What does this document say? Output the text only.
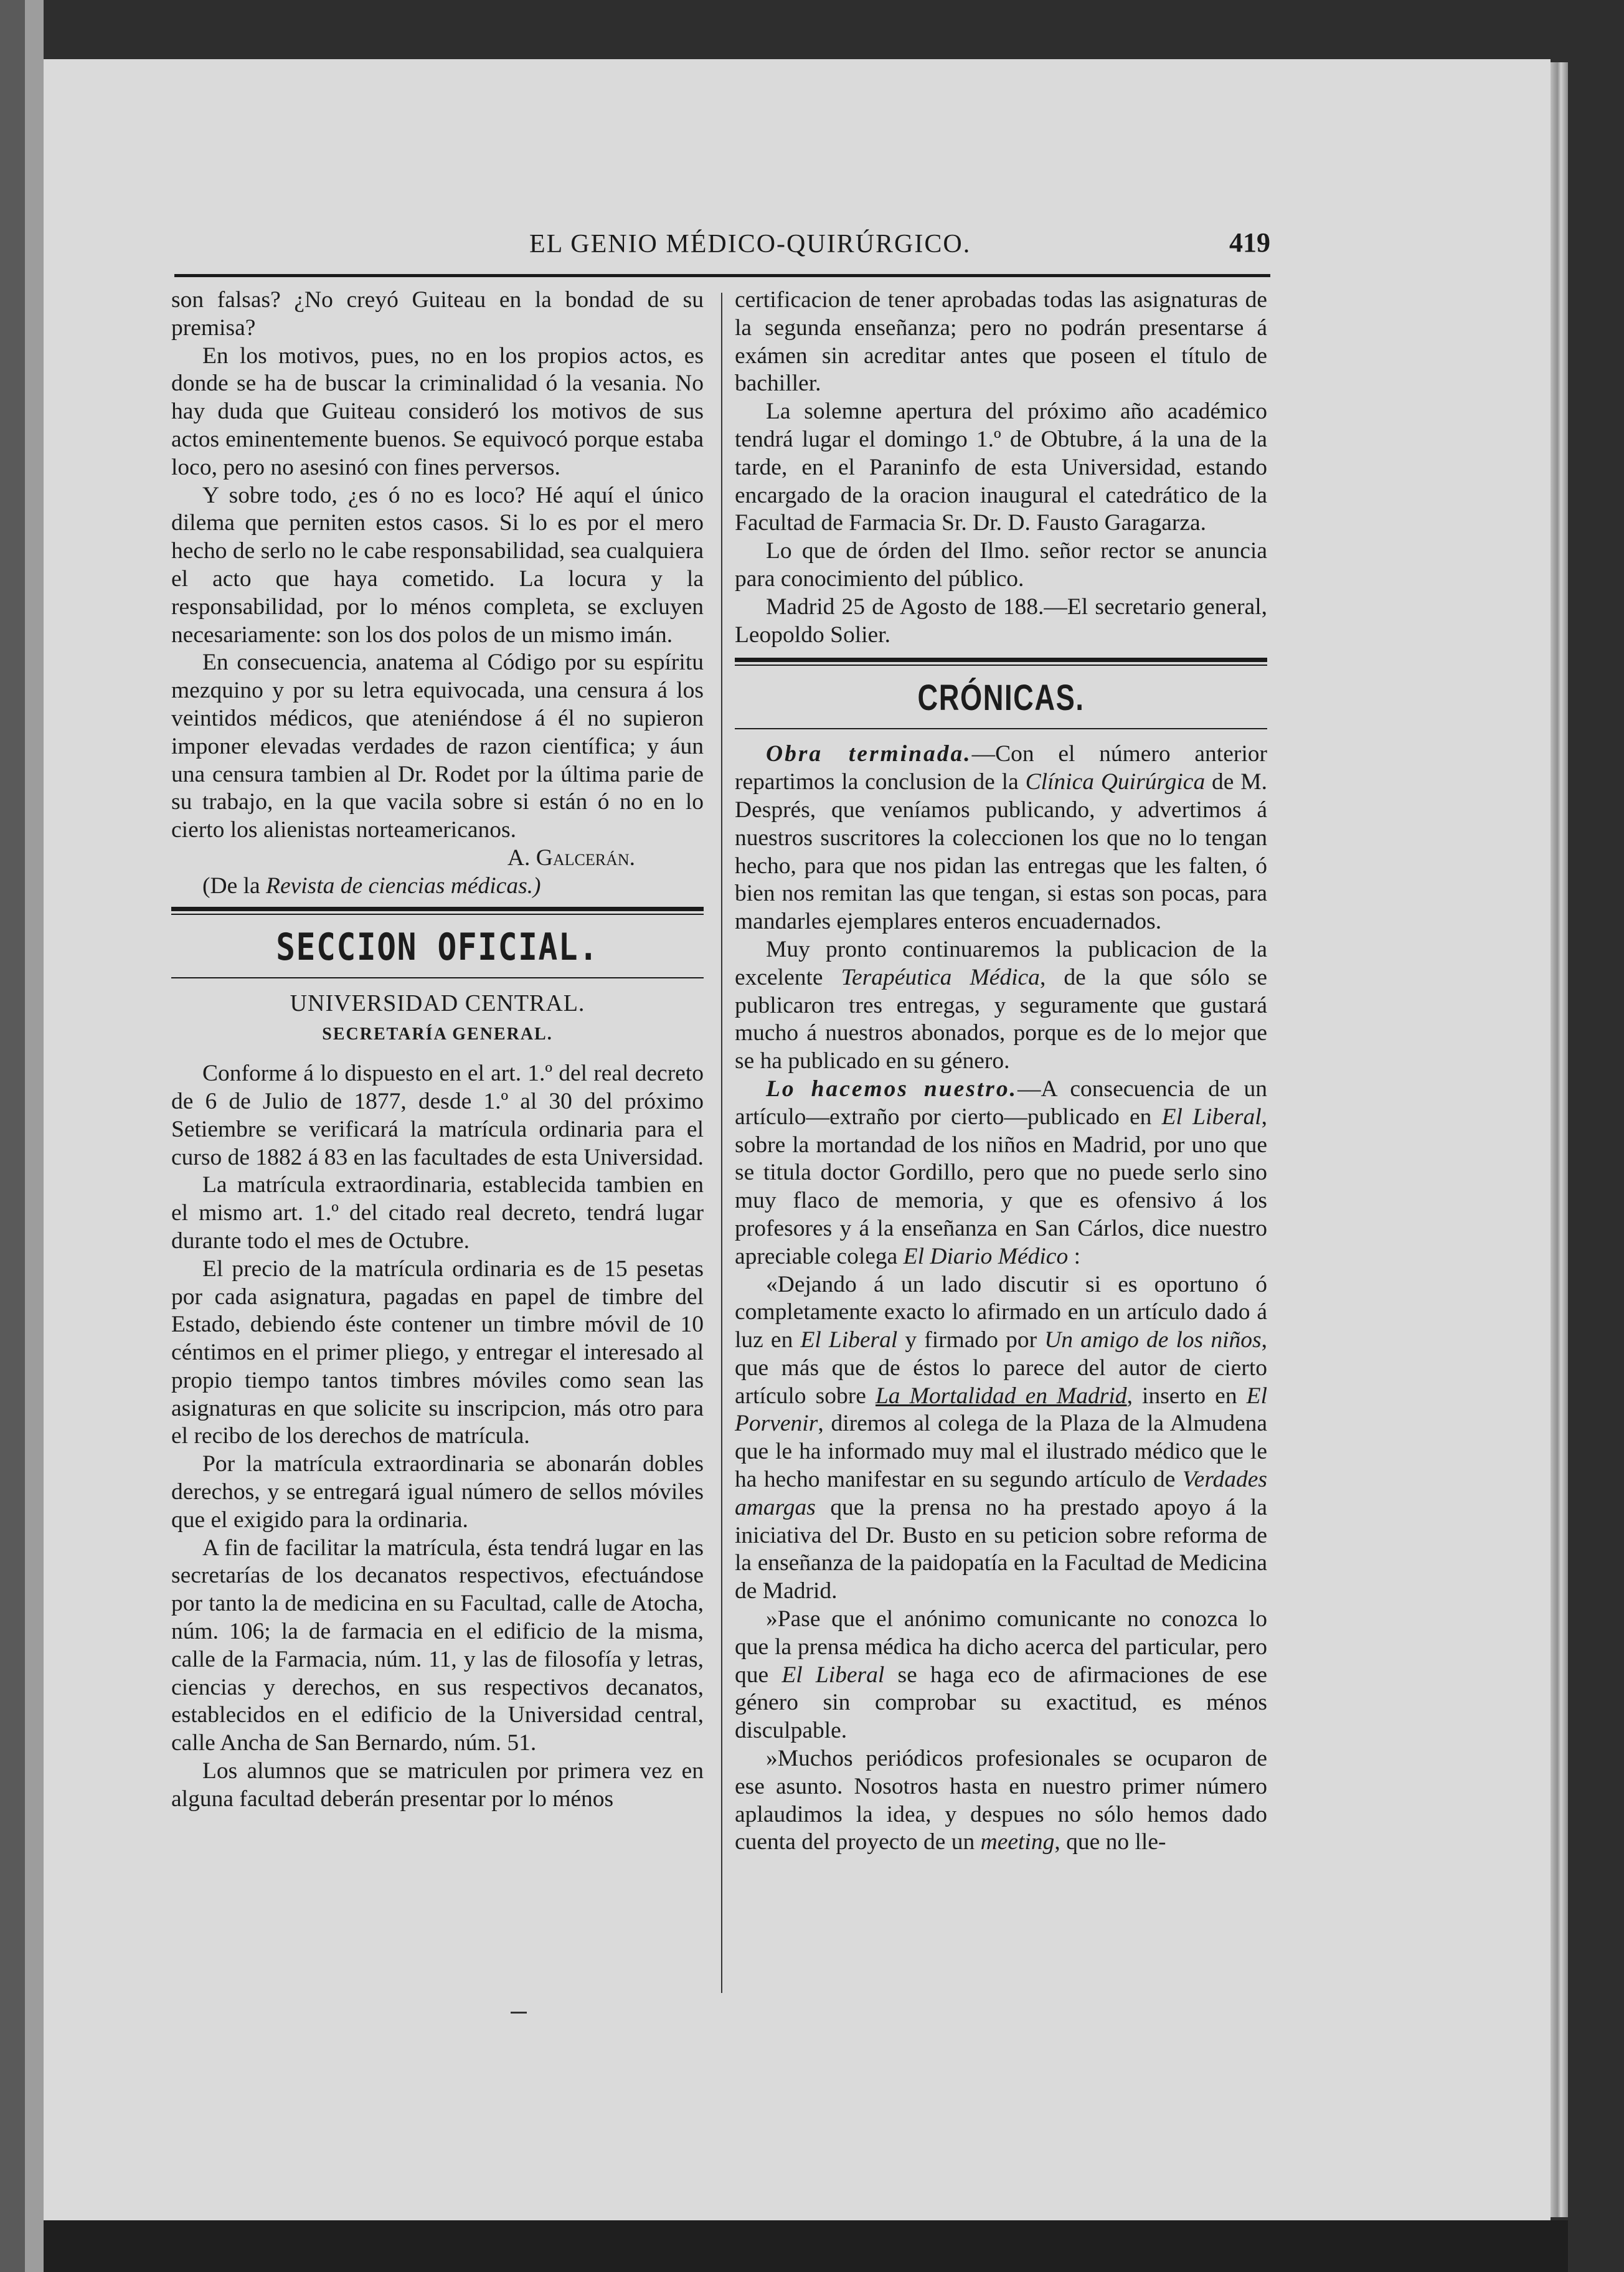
EL GENIO MÉDICO-QUIRÚRGICO.	419

son falsas? ¿No creyó Guiteau en la bondad de su premisa?

En los motivos, pues, no en los propios actos, es donde se ha de buscar la criminalidad ó la vesania. No hay duda que Guiteau consideró los motivos de sus actos eminentemente buenos. Se equivocó porque estaba loco, pero no asesinó con fines perversos.

Y sobre todo, ¿es ó no es loco? Hé aquí el único dilema que perniten estos casos. Si lo es por el mero hecho de serlo no le cabe responsabilidad, sea cualquiera el acto que haya cometido. La locura y la responsabilidad, por lo ménos completa, se excluyen necesariamente: son los dos polos de un mismo imán.

En consecuencia, anatema al Código por su espíritu mezquino y por su letra equivocada, una censura á los veintidos médicos, que ateniéndose á él no supieron imponer elevadas verdades de razon científica; y áun una censura tambien al Dr. Rodet por la última parie de su trabajo, en la que vacila sobre si están ó no en lo cierto los alienistas norteamericanos.

A. Galcerán.

(De la Revista de ciencias médicas.)

SECCION OFICIAL.
UNIVERSIDAD CENTRAL.
SECRETARÍA GENERAL.

Conforme á lo dispuesto en el art. 1.º del real decreto de 6 de Julio de 1877, desde 1.º al 30 del próximo Setiembre se verificará la matrícula ordinaria para el curso de 1882 á 83 en las facultades de esta Universidad.

La matrícula extraordinaria, establecida tambien en el mismo art. 1.º del citado real decreto, tendrá lugar durante todo el mes de Octubre.

El precio de la matrícula ordinaria es de 15 pesetas por cada asignatura, pagadas en papel de timbre del Estado, debiendo éste contener un timbre móvil de 10 céntimos en el primer pliego, y entregar el interesado al propio tiempo tantos timbres móviles como sean las asignaturas en que solicite su inscripcion, más otro para el recibo de los derechos de matrícula.

Por la matrícula extraordinaria se abonarán dobles derechos, y se entregará igual número de sellos móviles que el exigido para la ordinaria.

A fin de facilitar la matrícula, ésta tendrá lugar en las secretarías de los decanatos respectivos, efectuándose por tanto la de medicina en su Facultad, calle de Atocha, núm. 106; la de farmacia en el edificio de la misma, calle de la Farmacia, núm. 11, y las de filosofía y letras, ciencias y derechos, en sus respectivos decanatos, establecidos en el edificio de la Universidad central, calle Ancha de San Bernardo, núm. 51.

Los alumnos que se matriculen por primera vez en alguna facultad deberán presentar por lo ménos

certificacion de tener aprobadas todas las asignaturas de la segunda enseñanza; pero no podrán presentarse á exámen sin acreditar antes que poseen el título de bachiller.

La solemne apertura del próximo año académico tendrá lugar el domingo 1.º de Obtubre, á la una de la tarde, en el Paraninfo de esta Universidad, estando encargado de la oracion inaugural el catedrático de la Facultad de Farmacia Sr. Dr. D. Fausto Garagarza.

Lo que de órden del Ilmo. señor rector se anuncia para conocimiento del público.

Madrid 25 de Agosto de 188.—El secretario general, Leopoldo Solier.

CRÓNICAS.

Obra terminada.—Con el número anterior repartimos la conclusion de la Clínica Quirúrgica de M. Després, que veníamos publicando, y advertimos á nuestros suscritores la coleccionen los que no lo tengan hecho, para que nos pidan las entregas que les falten, ó bien nos remitan las que tengan, si estas son pocas, para mandarles ejemplares enteros encuadernados.

Muy pronto continuaremos la publicacion de la excelente Terapéutica Médica, de la que sólo se publicaron tres entregas, y seguramente que gustará mucho á nuestros abonados, porque es de lo mejor que se ha publicado en su género.

Lo hacemos nuestro.—A consecuencia de un artículo—extraño por cierto—publicado en El Liberal, sobre la mortandad de los niños en Madrid, por uno que se titula doctor Gordillo, pero que no puede serlo sino muy flaco de memoria, y que es ofensivo á los profesores y á la enseñanza en San Cárlos, dice nuestro apreciable colega El Diario Médico :

«Dejando á un lado discutir si es oportuno ó completamente exacto lo afirmado en un artículo dado á luz en El Liberal y firmado por Un amigo de los niños, que más que de éstos lo parece del autor de cierto artículo sobre La Mortalidad en Madrid, inserto en El Porvenir, diremos al colega de la Plaza de la Almudena que le ha informado muy mal el ilustrado médico que le ha hecho manifestar en su segundo artículo de Verdades amargas que la prensa no ha prestado apoyo á la iniciativa del Dr. Busto en su peticion sobre reforma de la enseñanza de la paidopatía en la Facultad de Medicina de Madrid.

»Pase que el anónimo comunicante no conozca lo que la prensa médica ha dicho acerca del particular, pero que El Liberal se haga eco de afirmaciones de ese género sin comprobar su exactitud, es ménos disculpable.

»Muchos periódicos profesionales se ocuparon de ese asunto. Nosotros hasta en nuestro primer número aplaudimos la idea, y despues no sólo hemos dado cuenta del proyecto de un meeting, que no lle-
